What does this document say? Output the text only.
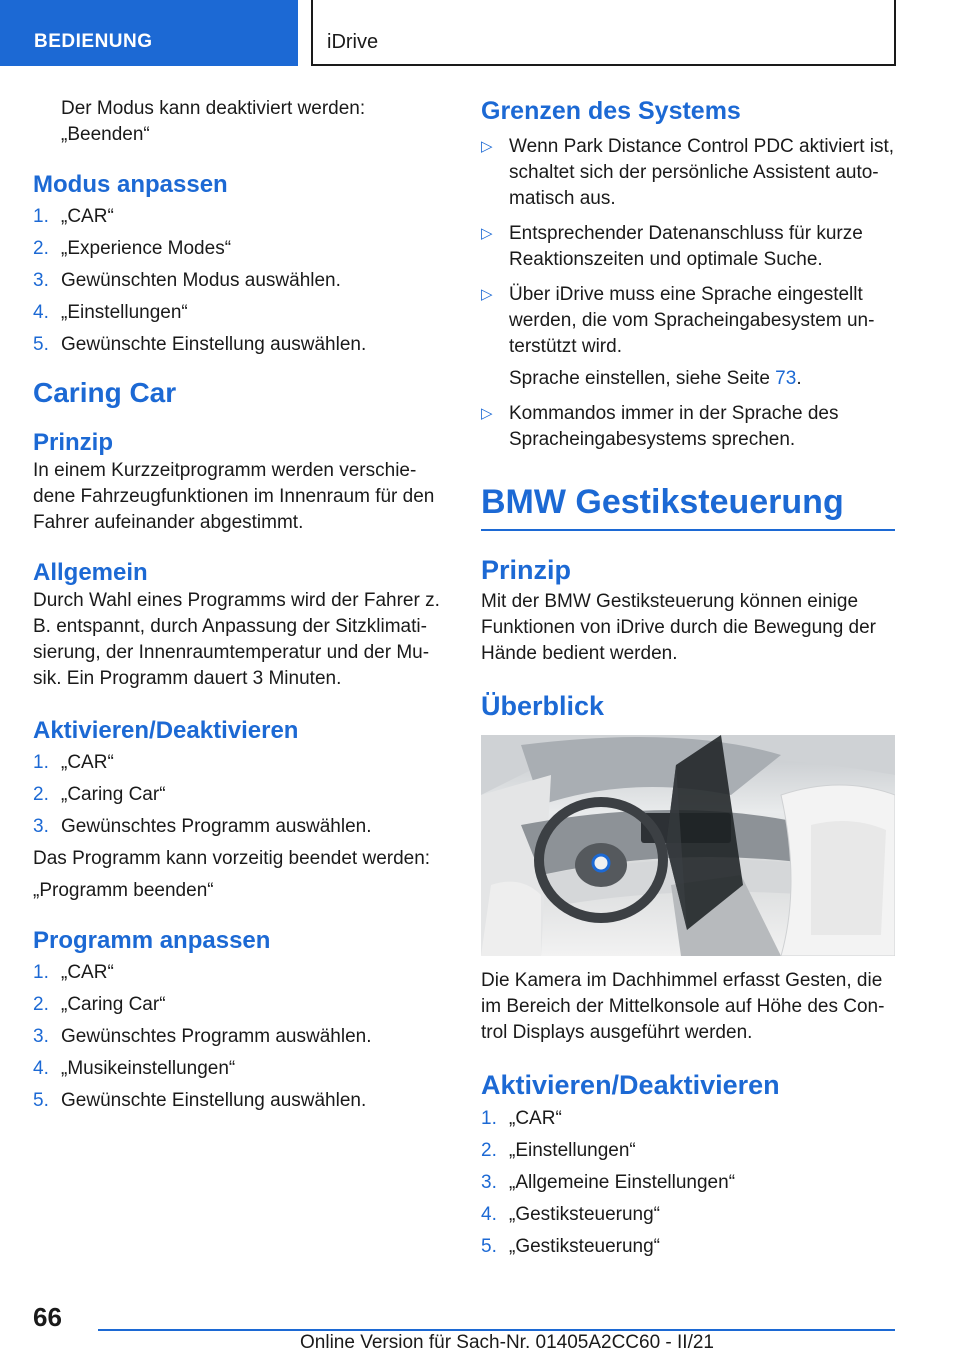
BEDIENUNG	iDrive

Der Modus kann deaktiviert werden:

„Beenden“

Modus anpassen
1. „CAR“
2. „Experience Modes“
3. Gewünschten Modus auswählen.
4. „Einstellungen“
5. Gewünschte Einstellung auswählen.
Caring Car
Prinzip

In einem Kurzzeitprogramm werden verschie-dene Fahrzeugfunktionen im Innenraum für den Fahrer aufeinander abgestimmt.

Allgemein

Durch Wahl eines Programms wird der Fahrer z. B. entspannt, durch Anpassung der Sitzklimati-sierung, der Innenraumtemperatur und der Mu-sik. Ein Programm dauert 3 Minuten.

Aktivieren/Deaktivieren
1. „CAR“
2. „Caring Car“
3. Gewünschtes Programm auswählen.

Das Programm kann vorzeitig beendet werden:

„Programm beenden“

Programm anpassen
1. „CAR“
2. „Caring Car“
3. Gewünschtes Programm auswählen.
4. „Musikeinstellungen“
5. Gewünschte Einstellung auswählen.
Grenzen des Systems
▷ Wenn Park Distance Control PDC aktiviert ist, schaltet sich der persönliche Assistent auto-matisch aus.
▷ Entsprechender Datenanschluss für kurze Reaktionszeiten und optimale Suche.
▷ Über iDrive muss eine Sprache eingestellt werden, die vom Spracheingabesystem un-terstützt wird.

Sprache einstellen, siehe Seite 73.

▷ Kommandos immer in der Sprache des Spracheingabesystems sprechen.
BMW Gestiksteuerung
Prinzip

Mit der BMW Gestiksteuerung können einige Funktionen von iDrive durch die Bewegung der Hände bedient werden.

Überblick

Die Kamera im Dachhimmel erfasst Gesten, die im Bereich der Mittelkonsole auf Höhe des Con-trol Displays ausgeführt werden.

Aktivieren/Deaktivieren
1. „CAR“
2. „Einstellungen“
3. „Allgemeine Einstellungen“
4. „Gestiksteuerung“
5. „Gestiksteuerung“
66
Online Version für Sach-Nr. 01405A2CC60 - II/21
